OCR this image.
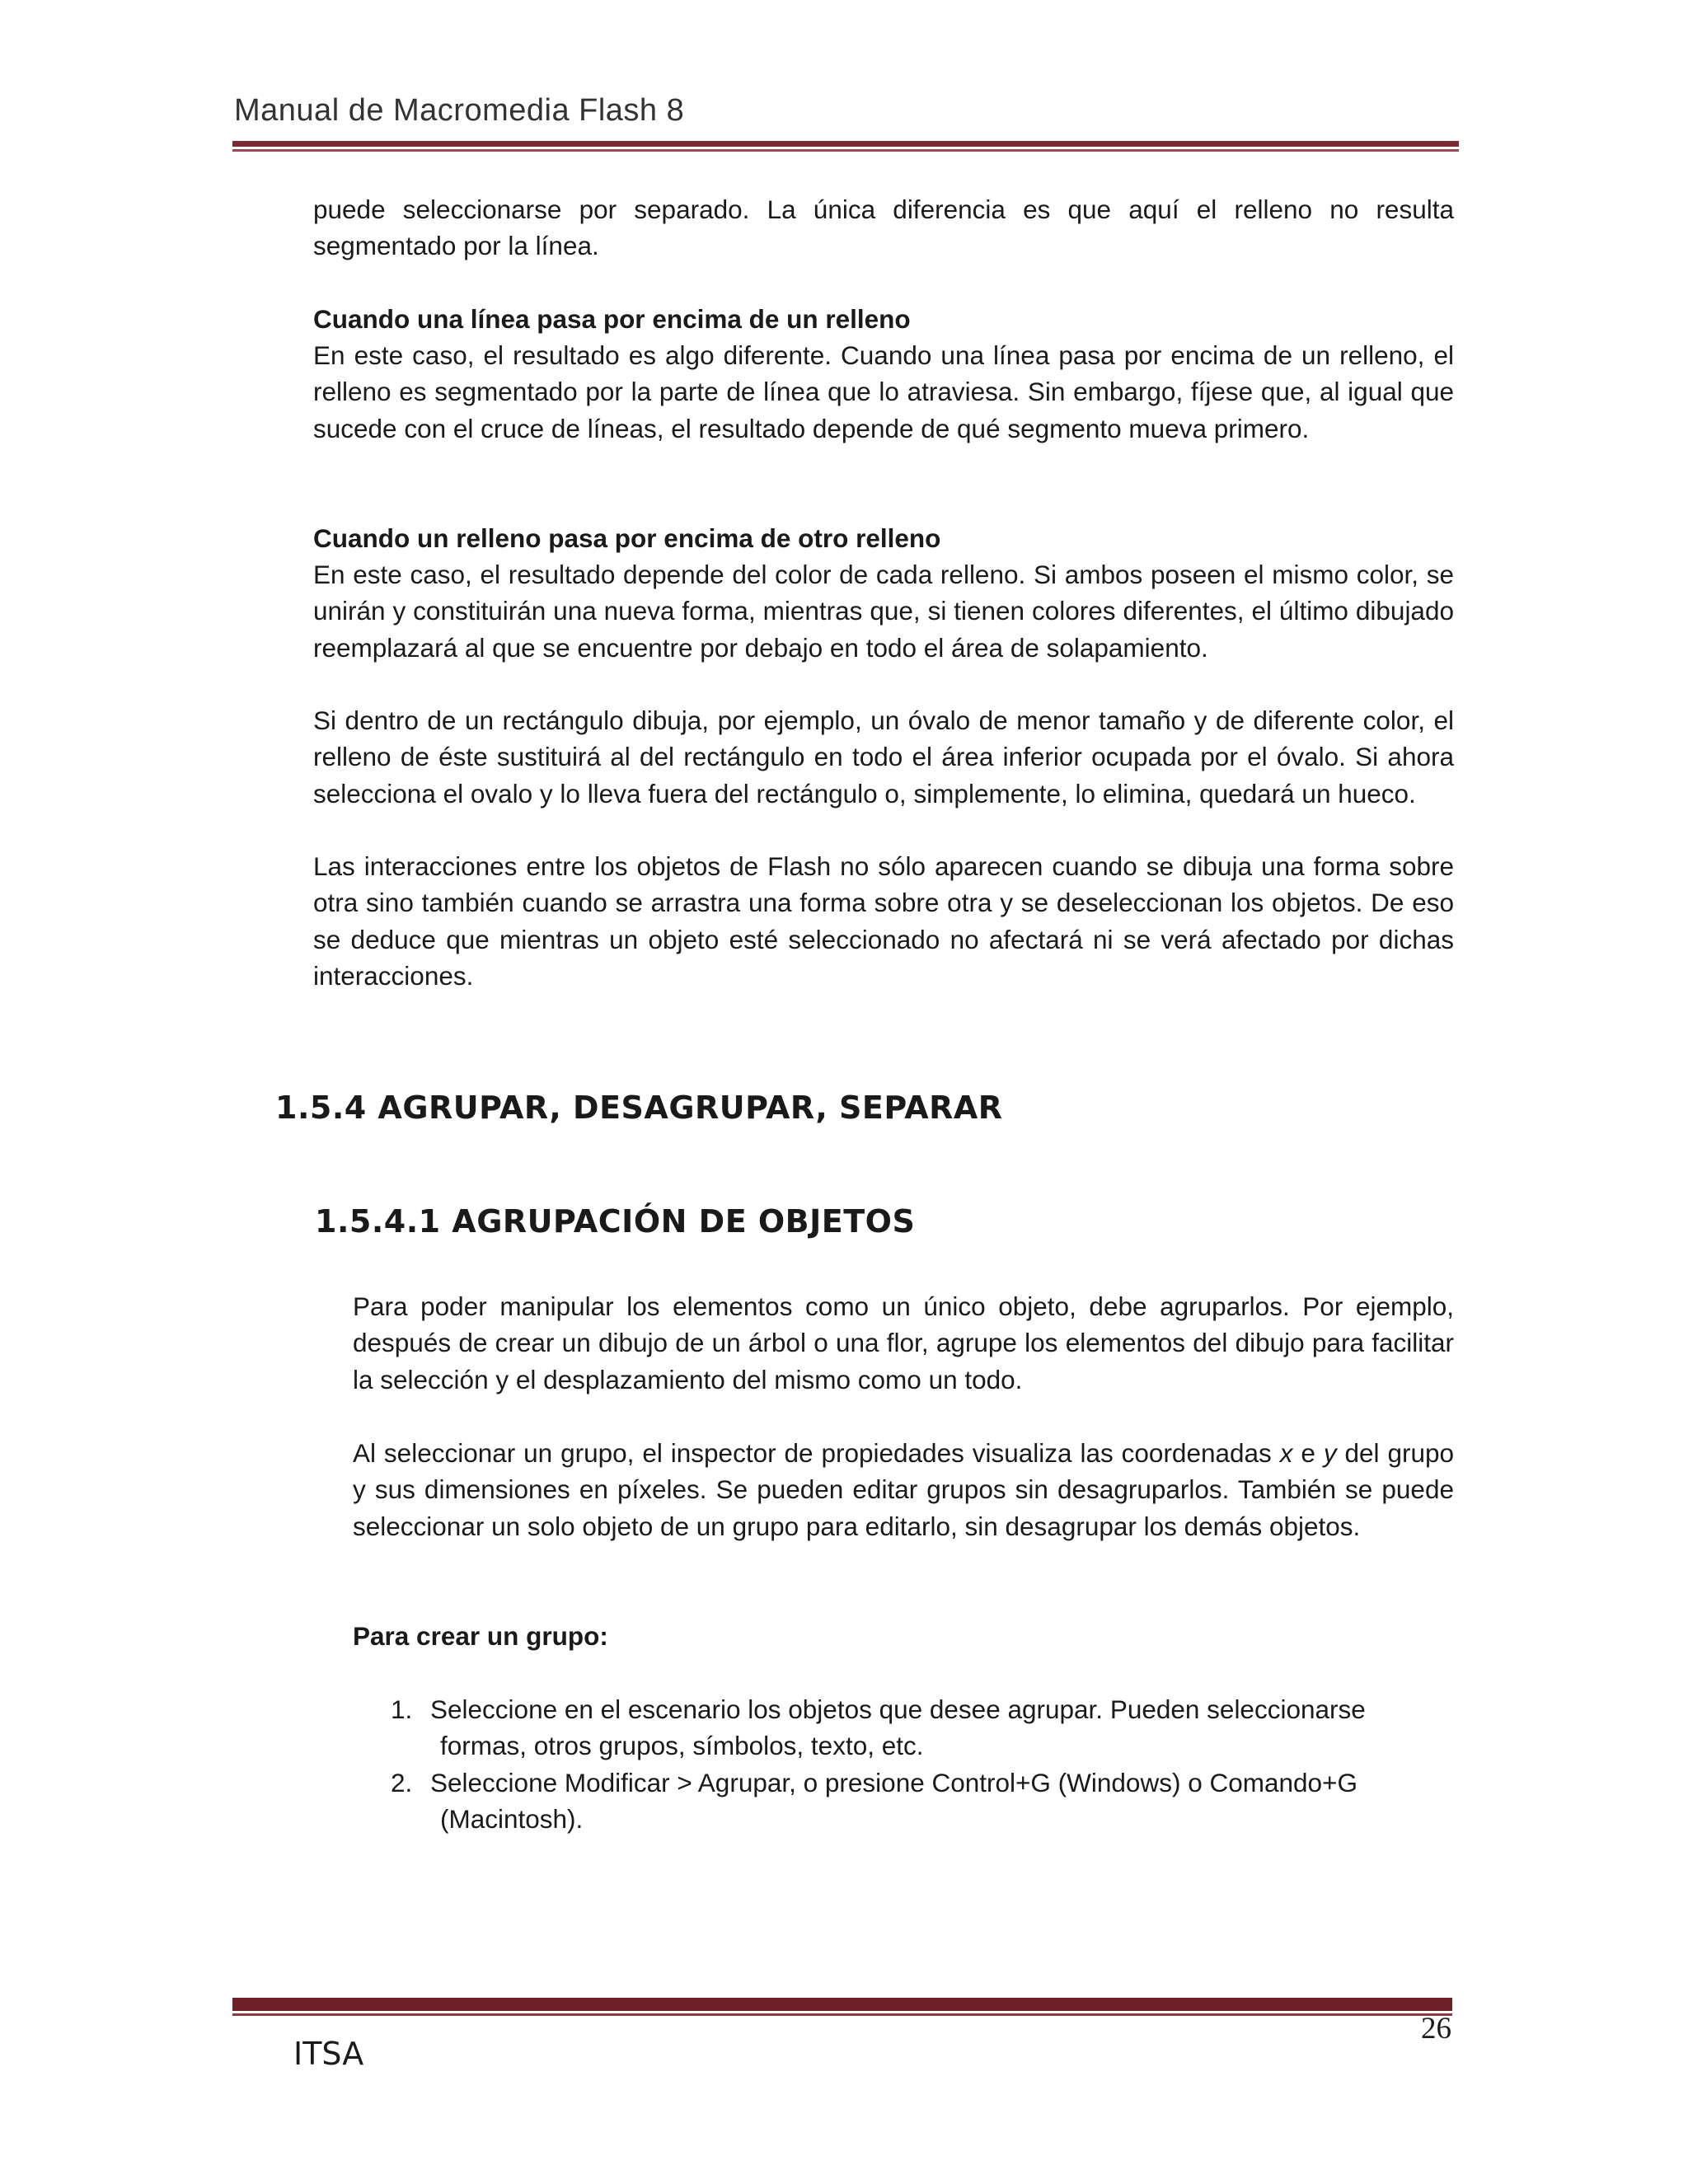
Manual de Macromedia Flash 8

puede seleccionarse por separado. La única diferencia es que aquí el relleno no resulta segmentado por la línea.

Cuando una línea pasa por encima de un relleno

En este caso, el resultado es algo diferente. Cuando una línea pasa por encima de un relleno, el relleno es segmentado por la parte de línea que lo atraviesa. Sin embargo, fíjese que, al igual que sucede con el cruce de líneas, el resultado depende de qué segmento mueva primero.

Cuando un relleno pasa por encima de otro relleno

En este caso, el resultado depende del color de cada relleno. Si ambos poseen el mismo color, se unirán y constituirán una nueva forma, mientras que, si tienen colores diferentes, el último dibujado reemplazará al que se encuentre por debajo en todo el área de solapamiento.

Si dentro de un rectángulo dibuja, por ejemplo, un óvalo de menor tamaño y de diferente color, el relleno de éste sustituirá al del rectángulo en todo el área inferior ocupada por el óvalo. Si ahora selecciona el ovalo y lo lleva fuera del rectángulo o, simplemente, lo elimina, quedará un hueco.

Las interacciones entre los objetos de Flash no sólo aparecen cuando se dibuja una forma sobre otra sino también cuando se arrastra una forma sobre otra y se deseleccionan los objetos. De eso se deduce que mientras un objeto esté seleccionado no afectará ni se verá afectado por dichas interacciones.

1.5.4 AGRUPAR, DESAGRUPAR, SEPARAR
1.5.4.1 AGRUPACIÓN DE OBJETOS

Para poder manipular los elementos como un único objeto, debe agruparlos. Por ejemplo, después de crear un dibujo de un árbol o una flor, agrupe los elementos del dibujo para facilitar la selección y el desplazamiento del mismo como un todo.

Al seleccionar un grupo, el inspector de propiedades visualiza las coordenadas x e y del grupo y sus dimensiones en píxeles. Se pueden editar grupos sin desagruparlos. También se puede seleccionar un solo objeto de un grupo para editarlo, sin desagrupar los demás objetos.

Para crear un grupo:

1. Seleccione en el escenario los objetos que desee agrupar. Pueden seleccionarse
formas, otros grupos, símbolos, texto, etc.
2. Seleccione Modificar > Agrupar, o presione Control+G (Windows) o Comando+G
(Macintosh).
26
ITSA
